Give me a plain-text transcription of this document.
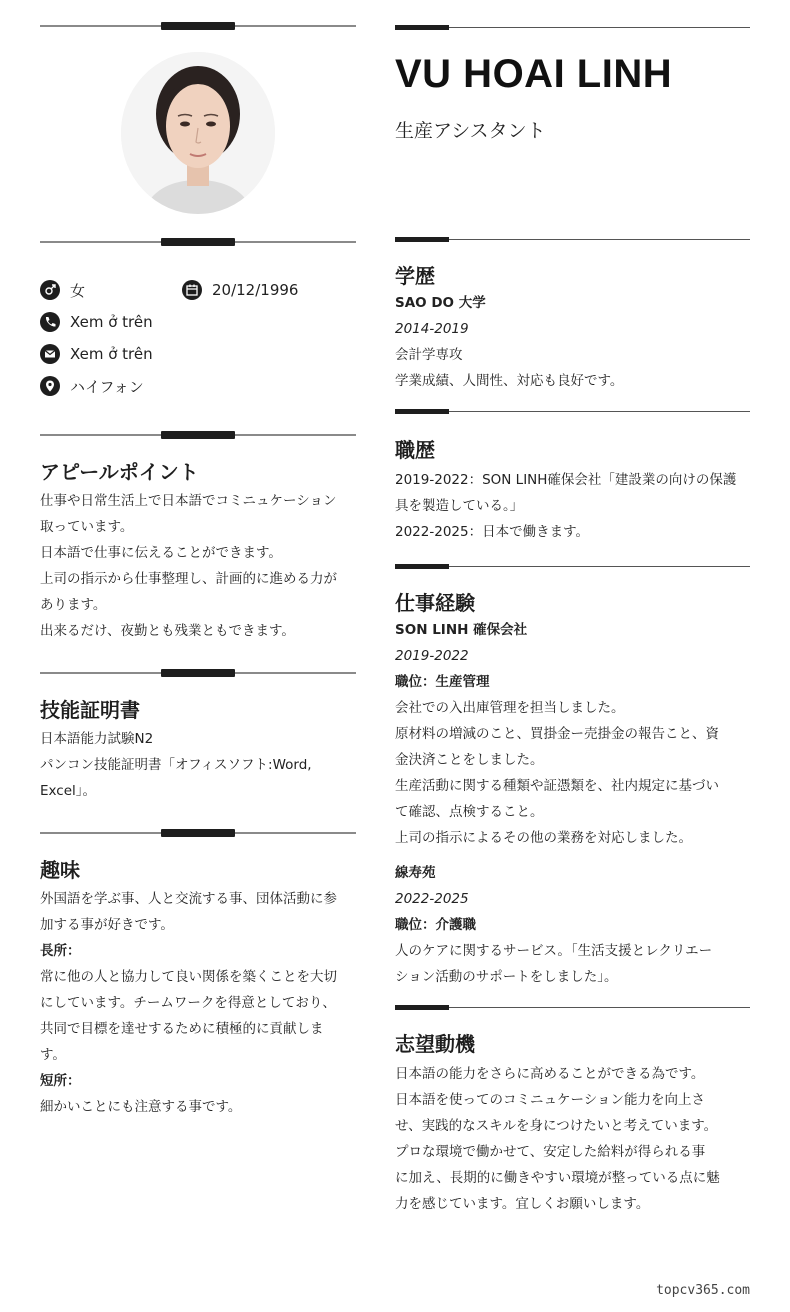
女	20/12/1996
Xem ở trên
Xem ở trên
ハイフォン
アピールポイント
仕事や日常生活上で日本語でコミニュケーション
取っています。
日本語で仕事に伝えることができます。
上司の指示から仕事整理し、計画的に進める力が
あります。
出来るだけ、夜勤とも残業ともできます。
技能証明書
日本語能力試験N2
パンコン技能証明書「オフィスソフト:Word,
Excel」。
趣味
外国語を学ぶ事、人と交流する事、団体活動に参
加する事が好きです。
長所：
常に他の人と協力して良い関係を築くことを大切
にしています。チームワークを得意としており、
共同で目標を達せするために積極的に貢献しま
す。
短所：
細かいことにも注意する事です。
VU HOAI LINH
生産アシスタント
学歴
SAO DO 大学
2014-2019
会計学専攻
学業成績、人間性、対応も良好です。
職歴
2019-2022：SON LINH確保会社「建設業の向けの保護
具を製造している。」
2022-2025：日本で働きます。
仕事経験
SON LINH 確保会社
2019-2022
職位：生産管理
会社での入出庫管理を担当しました。
原材料の増減のこと、買掛金ー売掛金の報告こと、資
金決済ことをしました。
生産活動に関する種類や証憑類を、社内規定に基づい
て確認、点検すること。
上司の指示によるその他の業務を対応しました。
線寿苑
2022-2025
職位：介護職
人のケアに関するサービス。「生活支援とレクリエー
ション活動のサポートをしました」。
志望動機
日本語の能力をさらに高めることができる為です。
日本語を使ってのコミニュケーション能力を向上さ
せ、実践的なスキルを身につけたいと考えています。
プロな環境で働かせて、安定した給料が得られる事
に加え、長期的に働きやすい環境が整っている点に魅
力を感じています。宜しくお願いします。
topcv365.com
